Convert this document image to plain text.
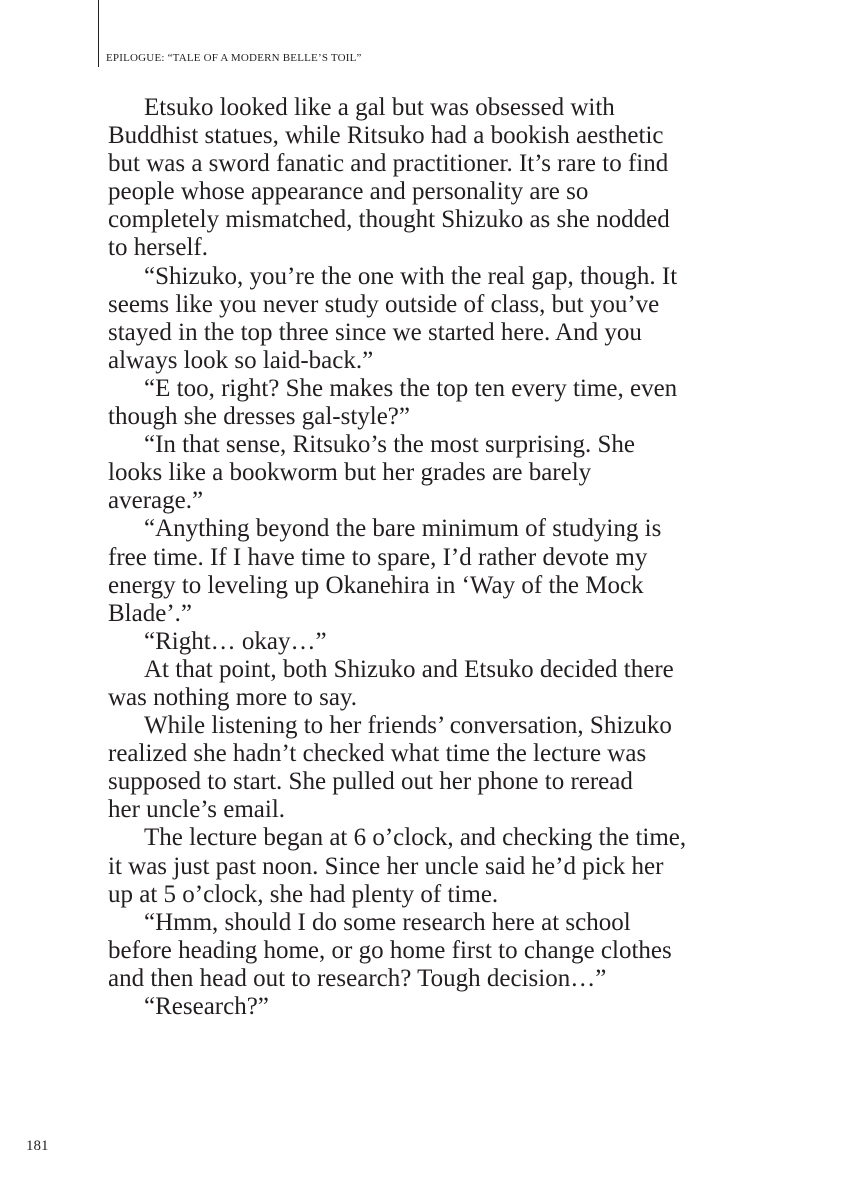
EPILOGUE: “TALE OF A MODERN BELLE’S TOIL”

Etsuko looked like a gal but was obsessed with
Buddhist statues, while Ritsuko had a bookish aesthetic
but was a sword fanatic and practitioner. It’s rare to find
people whose appearance and personality are so
completely mismatched, thought Shizuko as she nodded
to herself.

“Shizuko, you’re the one with the real gap, though. It
seems like you never study outside of class, but you’ve
stayed in the top three since we started here. And you
always look so laid-back.”

“E too, right? She makes the top ten every time, even
though she dresses gal-style?”

“In that sense, Ritsuko’s the most surprising. She
looks like a bookworm but her grades are barely
average.”

“Anything beyond the bare minimum of studying is
free time. If I have time to spare, I’d rather devote my
energy to leveling up Okanehira in ‘Way of the Mock
Blade’.”

“Right… okay…”

At that point, both Shizuko and Etsuko decided there
was nothing more to say.

While listening to her friends’ conversation, Shizuko
realized she hadn’t checked what time the lecture was
supposed to start. She pulled out her phone to reread
her uncle’s email.

The lecture began at 6 o’clock, and checking the time,
it was just past noon. Since her uncle said he’d pick her
up at 5 o’clock, she had plenty of time.

“Hmm, should I do some research here at school
before heading home, or go home first to change clothes
and then head out to research? Tough decision…”

“Research?”

181
